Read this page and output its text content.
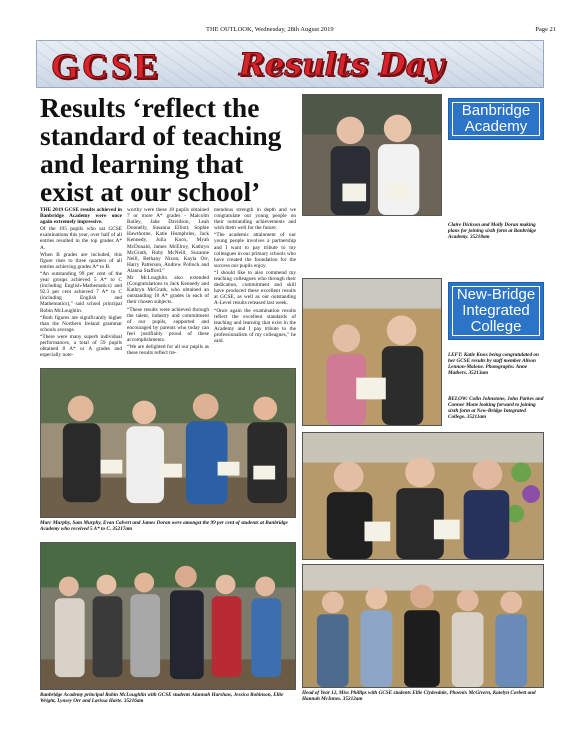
THE OUTLOOK, Wednesday, 28th August 2019	Page 21
GCSE	Results Day
Results ‘reflect the standard of teaching and learning that exist at our school’

THE 2019 GCSE results achieved in Banbridge Academy were once again extremely impressive.

Of the 195 pupils who sat GCSE examinations this year, over half of all entries resulted in the top grades A* A.

When B grades are included, this figure rises to three quarters of all entries achieving grades A* to B.

“An outstanding 99 per cent of the year groups achieved 5 A* to C (including English-Mathematics) and 92.3 per cent achieved 7 A* to C (including English and Mathematics),” said school principal Robin McLoughlin.

“Both figures are significantly higher than the Northern Ireland grammar schools average.

“There were many superb individual performances, a total of 59 pupils obtained 8 A* or A grades and especially note-

worthy were these 18 pupils obtained 7 or more A* grades - Malcolm Bailey, Jake Davidson, Leah Donnelly, Susanna Elliott, Sophie Hawthorne, Katie Humphries, Jack Kennedy, Julia Knox, Myah McDonald, James McElroy, Kathryn McGrath, Ruby McNeill, Suzanne Neill, Bethany Nixon, Kayla Orr, Harry Patterson, Andrew Pollock and Alanna Stafford.”

Mr McLoughlin also extended (Congratulations to Jack Kennedy and Kathryn McGrath, who obtained an outstanding 10 A* grades in each of their chosen subjects.

“These results were achieved through the talent, industry and commitment of our pupils, supported and encouraged by parents who today can feel justifiably proud of these accomplishments.

“We are delighted for all our pupils as these results reflect tre-

mendous strength in depth and we congratulate our young people on their outstanding achievements and wish them well for the future.

“The academic attainment of our young people involves a partnership and I want to pay tribute to my colleagues in our primary schools who have created the foundation for the success our pupils enjoy.

“I should like to also commend my teaching colleagues who through their dedication, commitment and skill have produced these excellent results at GCSE, as well as our outstanding A-Level results released last week.

“Once again the examination results reflect the excellent standards of teaching and learning that exist in the Academy and I pay tribute to the professionalism of my colleagues,” he said.

Marc Murphy, Sam Murphy, Evan Calvert and James Doran were amongst the 99 per cent of students at Banbridge Academy who received 5 A* to C. 35217am
Banbridge Academy principal Robin McLoughlin with GCSE students Alannah Harshaw, Jessica Robinson, Ellie Wright, Lynsey Orr and Larissa Harte. 35216am
Banbridge Academy
Claire Dickson and Molly Doran making plans for joining sixth form at Banbridge Academy. 35218am
New-Bridge Integrated College
LEFT: Katie Knox being congratulated on her GCSE results by staff member Alison Lennon-Malone. Photographs: Anne Mathers. 35213am
BELOW: Colin Johnstone, John Parkes and Connor Mone looking forward to joining sixth form at New-Bridge Integrated College. 35211am
Head of Year 12, Miss Phillips with GCSE students Ellie Clydesdale, Phoenix McGivern, Katelyn Corbett and Hannah McInnes. 35212am
